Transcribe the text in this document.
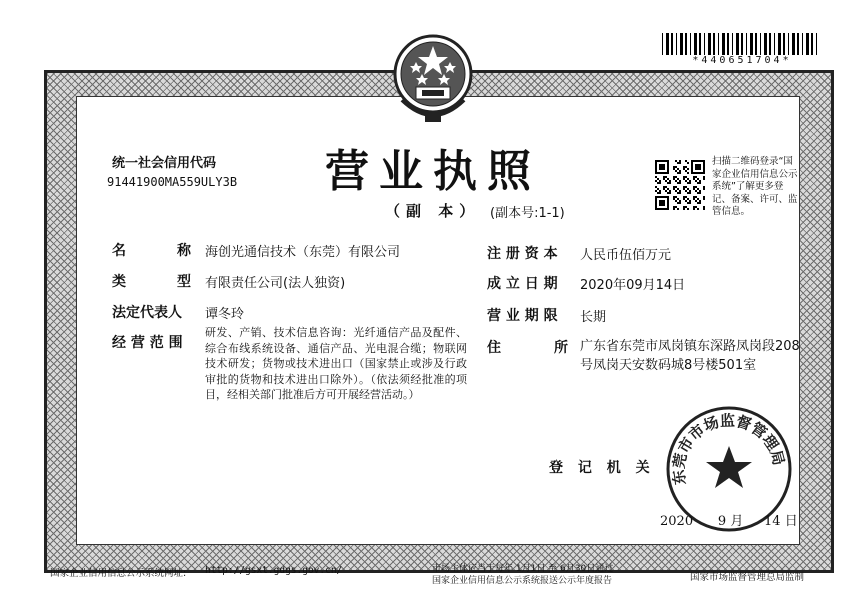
*440651704*
营业执照
（副 本） (副本号:1-1)
统一社会信用代码
91441900MA559ULY3B
扫描二维码登录“国家企业信用信息公示系统”了解更多登记、备案、许可、监管信息。
名	称 海创光通信技术（东莞）有限公司
类	型 有限责任公司(法人独资)
法定代表人 谭冬玲
经 营 范 围
研发、产销、技术信息咨询：光纤通信产品及配件、综合布线系统设备、通信产品、光电混合缆；物联网技术研发；货物或技术进出口（国家禁止或涉及行政审批的货物和技术进出口除外）。（依法须经批准的项目，经相关部门批准后方可开展经营活动。）
注 册 资 本 人民币伍佰万元
成 立 日 期 2020年09月14日
营 业 期 限 长期
住	所 广东省东莞市凤岗镇东深路凤岗段208号凤岗天安数码城8号楼501室
登 记 机 关
东莞市市场监督管理局
2020 9 月 14 日
国家企业信用信息公示系统网址: http://gsxt.gdgs.gov.cn/	市场主体应当于每年 1月1日 至 6月30日通过
国家企业信用信息公示系统报送公示年度报告	国家市场监督管理总局监制
